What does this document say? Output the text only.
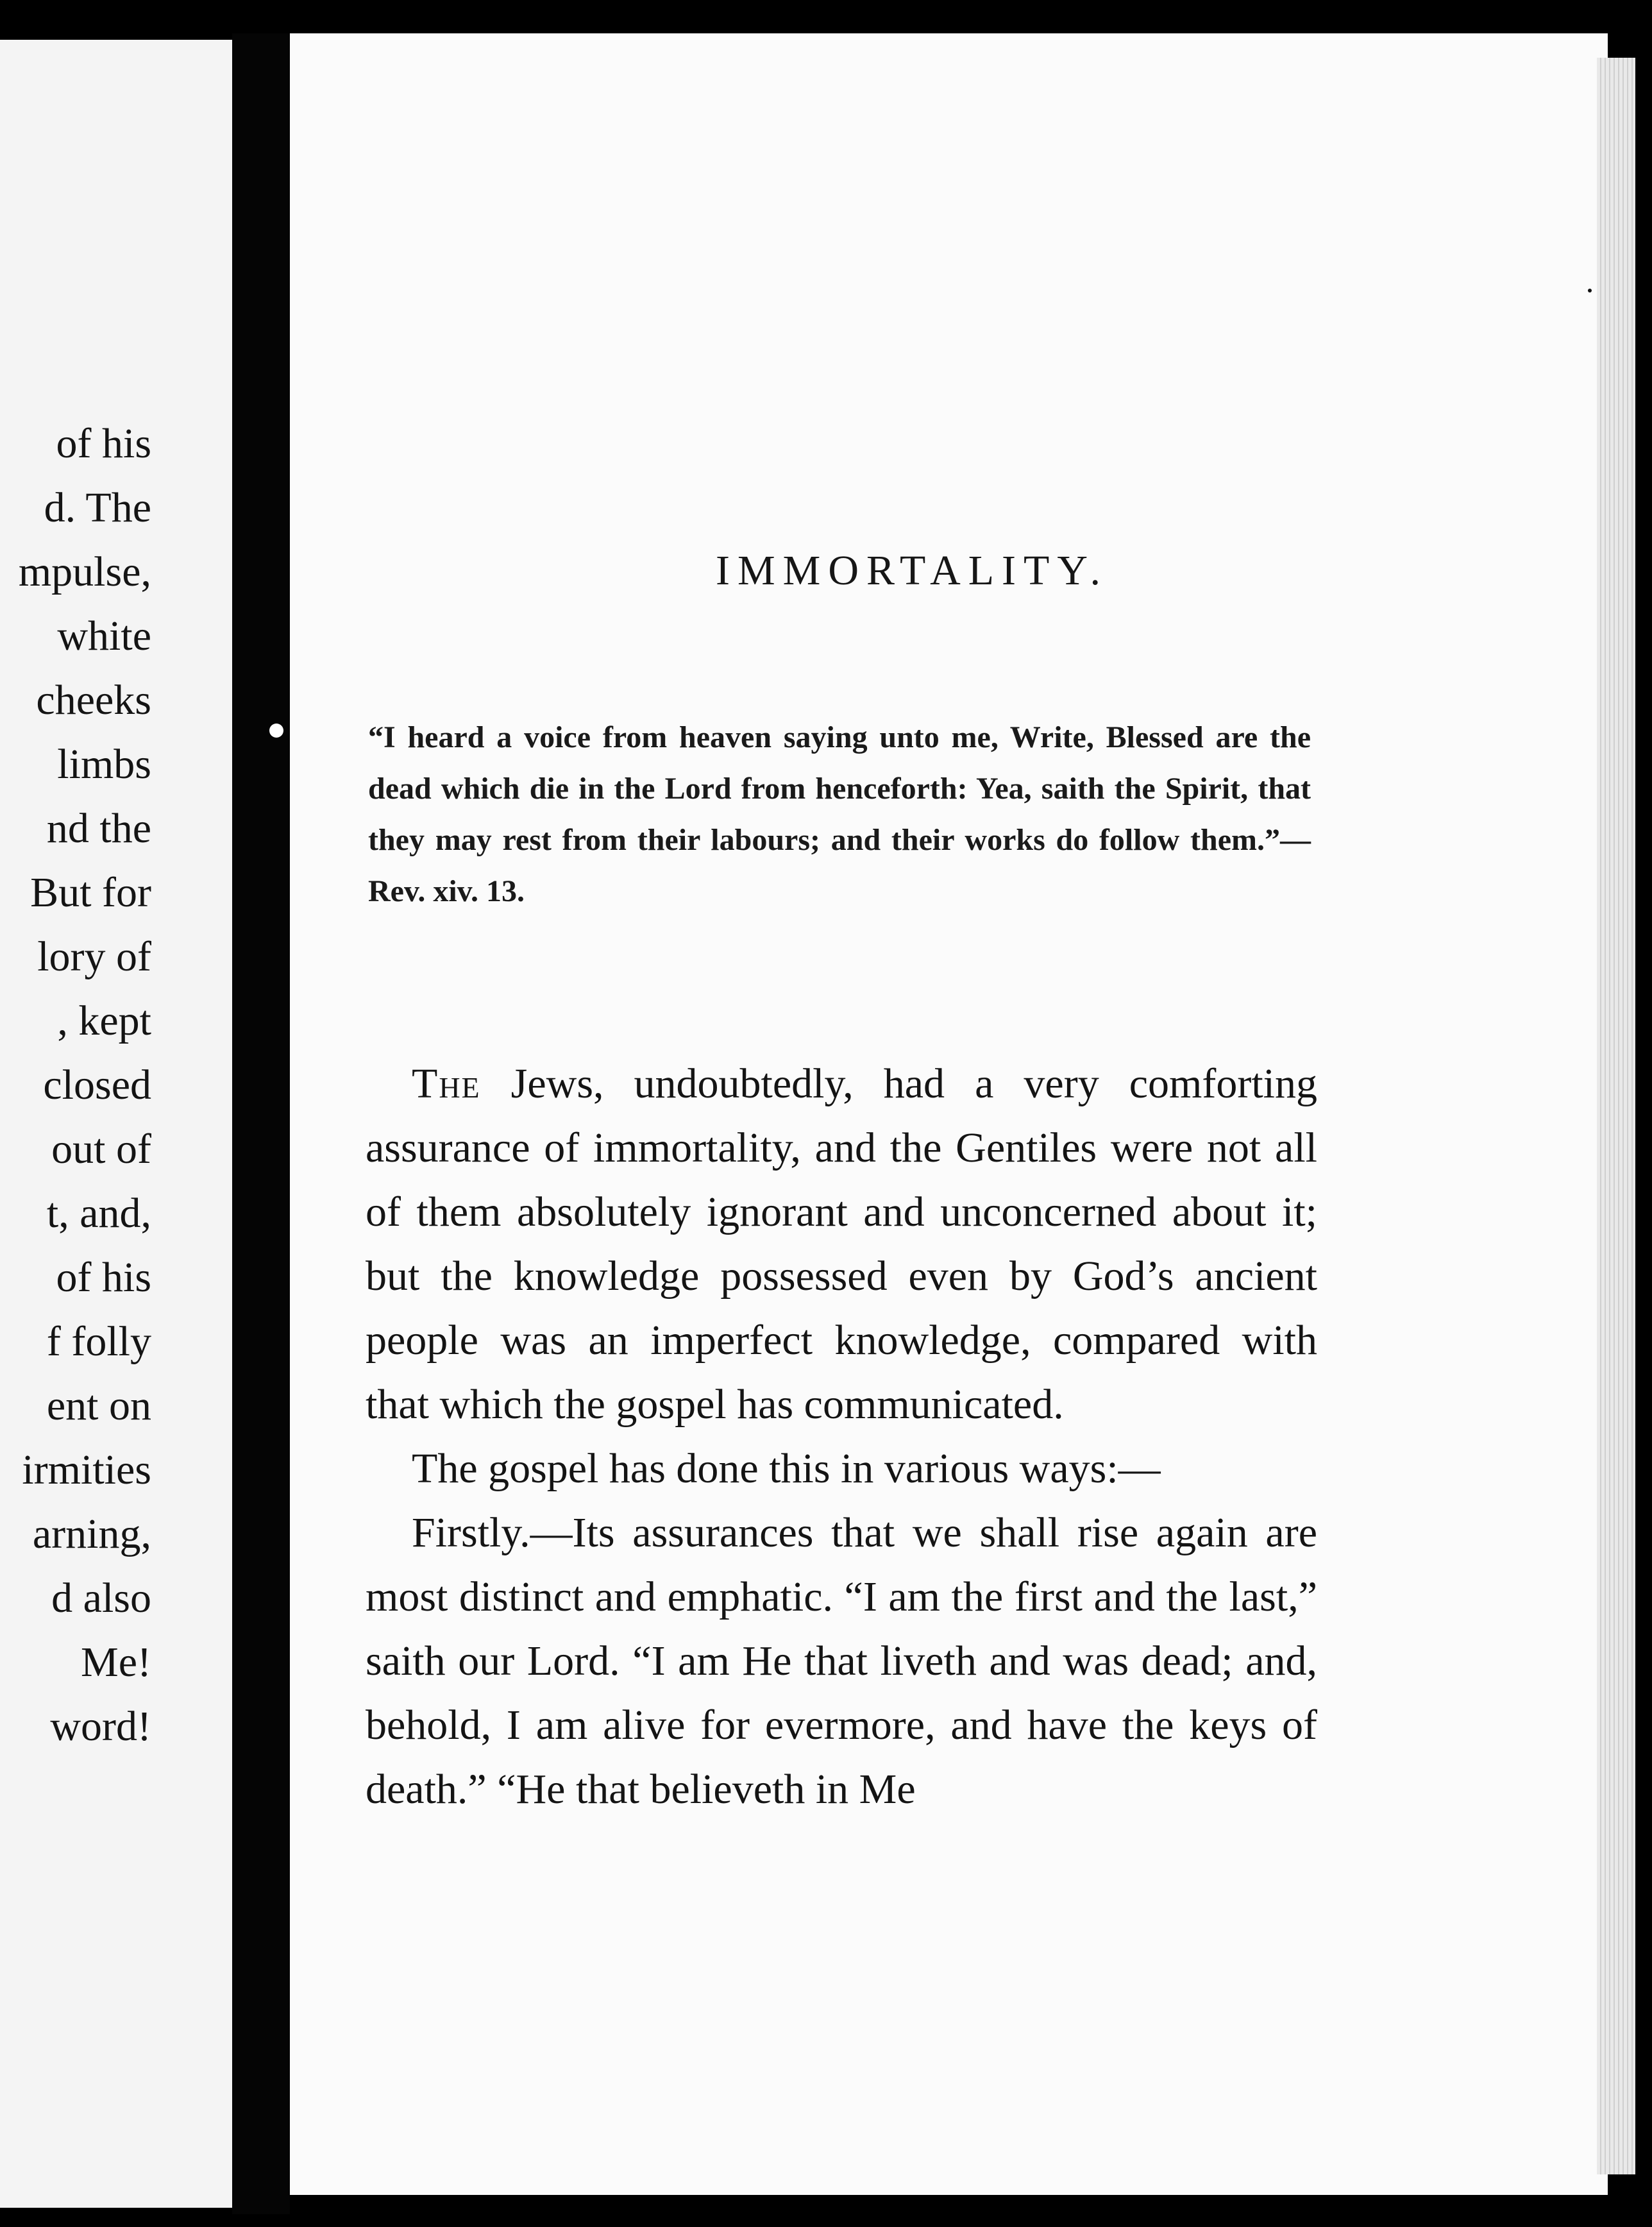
of his

d. The

mpulse,

white

cheeks

limbs

nd the

But for

lory of

, kept

closed

out of

t, and,

of his

f folly

ent on

irmities

arning,

d also

Me!

word!

IMMORTALITY.

“I heard a voice from heaven saying unto me, Write, Blessed are the dead which die in the Lord from henceforth: Yea, saith the Spirit, that they may rest from their labours; and their works do follow them.”—Rev. xiv. 13.

The Jews, undoubtedly, had a very comforting assurance of immortality, and the Gentiles were not all of them absolutely ignorant and unconcerned about it; but the knowledge possessed even by God’s ancient people was an imperfect knowledge, compared with that which the gospel has communicated.

The gospel has done this in various ways:—

Firstly.—Its assurances that we shall rise again are most distinct and emphatic. “I am the first and the last,” saith our Lord. “I am He that liveth and was dead; and, behold, I am alive for evermore, and have the keys of death.” “He that believeth in Me
